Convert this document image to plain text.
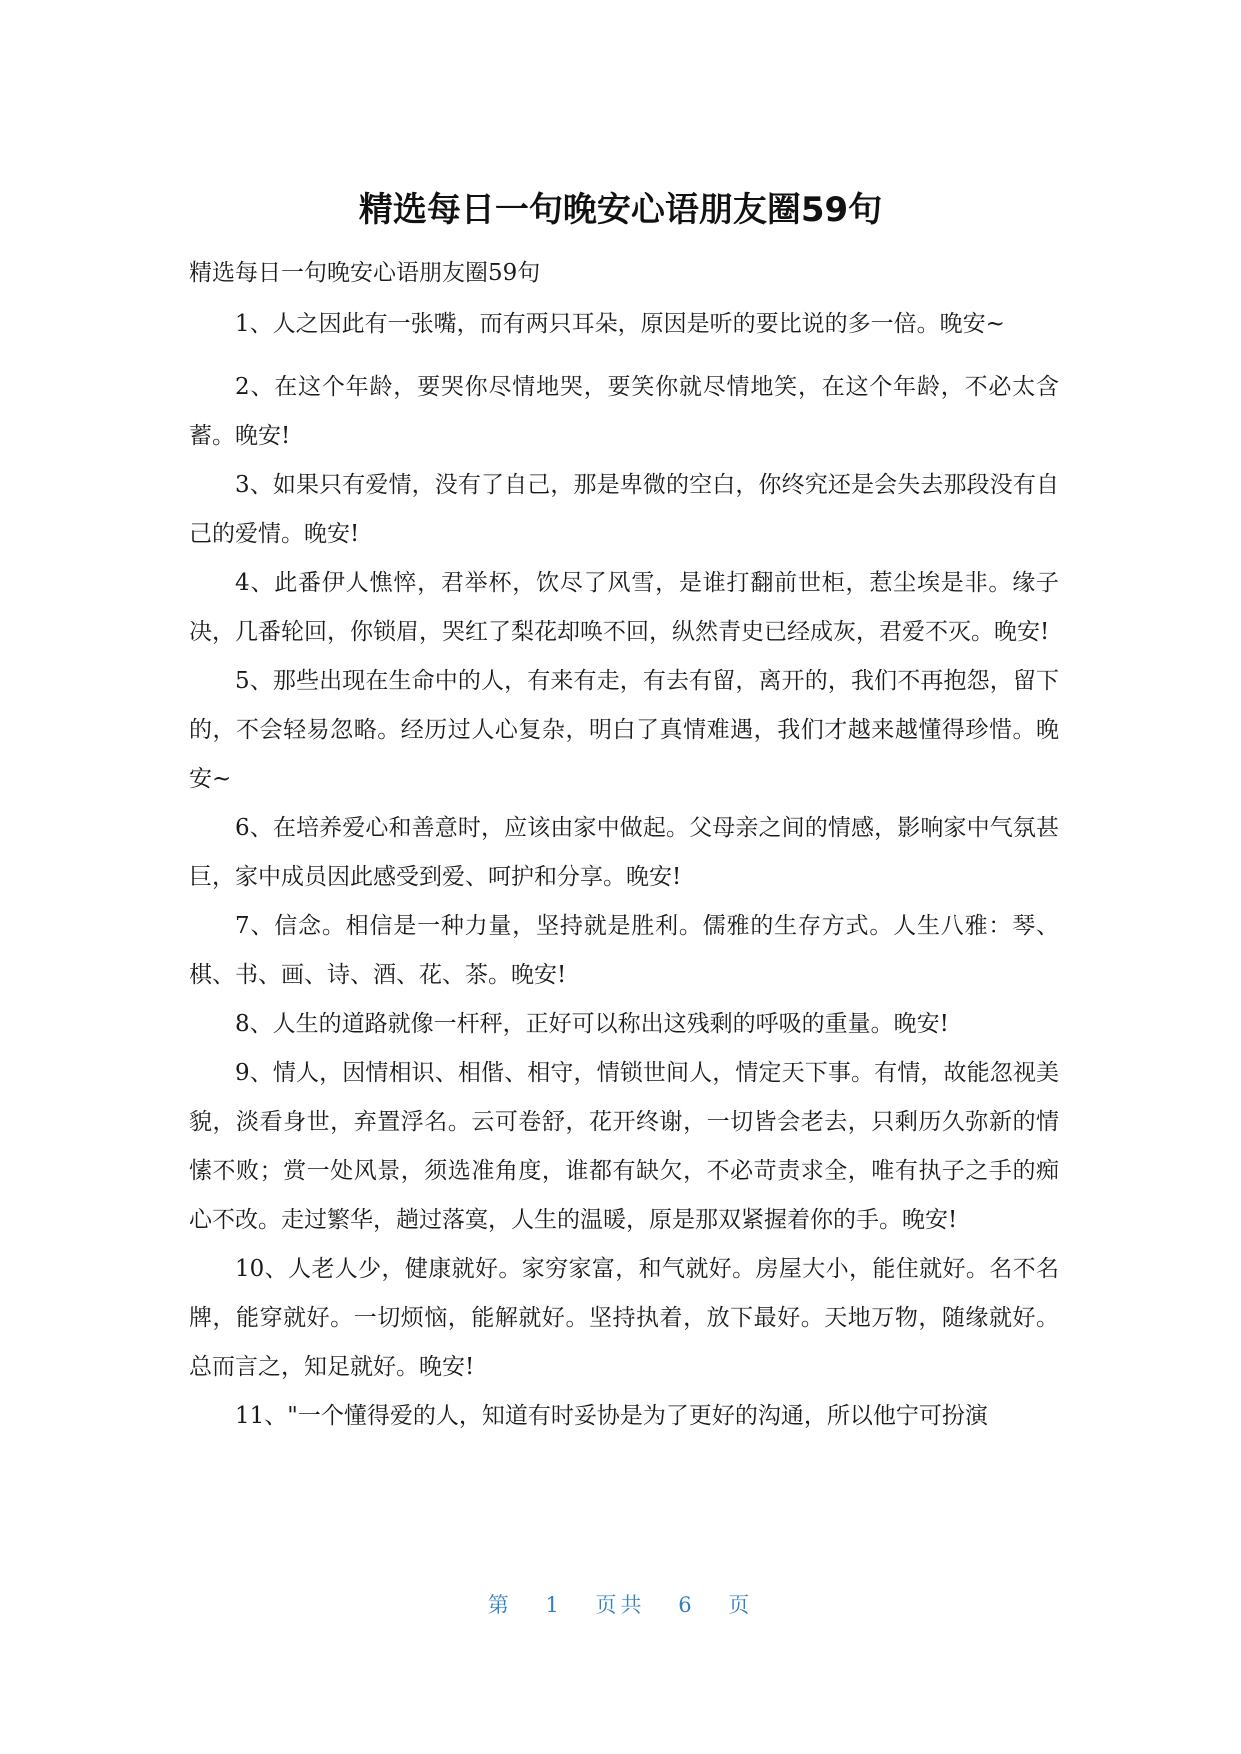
精选每日一句晚安心语朋友圈59句
精选每日一句晚安心语朋友圈59句

1、人之因此有一张嘴，而有两只耳朵，原因是听的要比说的多一倍。晚安~

2、在这个年龄，要哭你尽情地哭，要笑你就尽情地笑，在这个年龄，不必太含蓄。晚安!

3、如果只有爱情，没有了自己，那是卑微的空白，你终究还是会失去那段没有自己的爱情。晚安!

4、此番伊人憔悴，君举杯，饮尽了风雪，是谁打翻前世柜，惹尘埃是非。缘子决，几番轮回，你锁眉，哭红了梨花却唤不回，纵然青史已经成灰，君爱不灭。晚安!

5、那些出现在生命中的人，有来有走，有去有留，离开的，我们不再抱怨，留下的，不会轻易忽略。经历过人心复杂，明白了真情难遇，我们才越来越懂得珍惜。晚安~

6、在培养爱心和善意时，应该由家中做起。父母亲之间的情感，影响家中气氛甚巨，家中成员因此感受到爱、呵护和分享。晚安!

7、信念。相信是一种力量，坚持就是胜利。儒雅的生存方式。人生八雅：琴、棋、书、画、诗、酒、花、茶。晚安!

8、人生的道路就像一杆秤，正好可以称出这残剩的呼吸的重量。晚安!

9、情人，因情相识、相偕、相守，情锁世间人，情定天下事。有情，故能忽视美貌，淡看身世，弃置浮名。云可卷舒，花开终谢，一切皆会老去，只剩历久弥新的情愫不败；赏一处风景，须选准角度，谁都有缺欠，不必苛责求全，唯有执子之手的痴心不改。走过繁华，趟过落寞，人生的温暖，原是那双紧握着你的手。晚安!

10、人老人少，健康就好。家穷家富，和气就好。房屋大小，能住就好。名不名牌，能穿就好。一切烦恼，能解就好。坚持执着，放下最好。天地万物，随缘就好。总而言之，知足就好。晚安!

11、"一个懂得爱的人，知道有时妥协是为了更好的沟通，所以他宁可扮演

第 1 页共 6 页
